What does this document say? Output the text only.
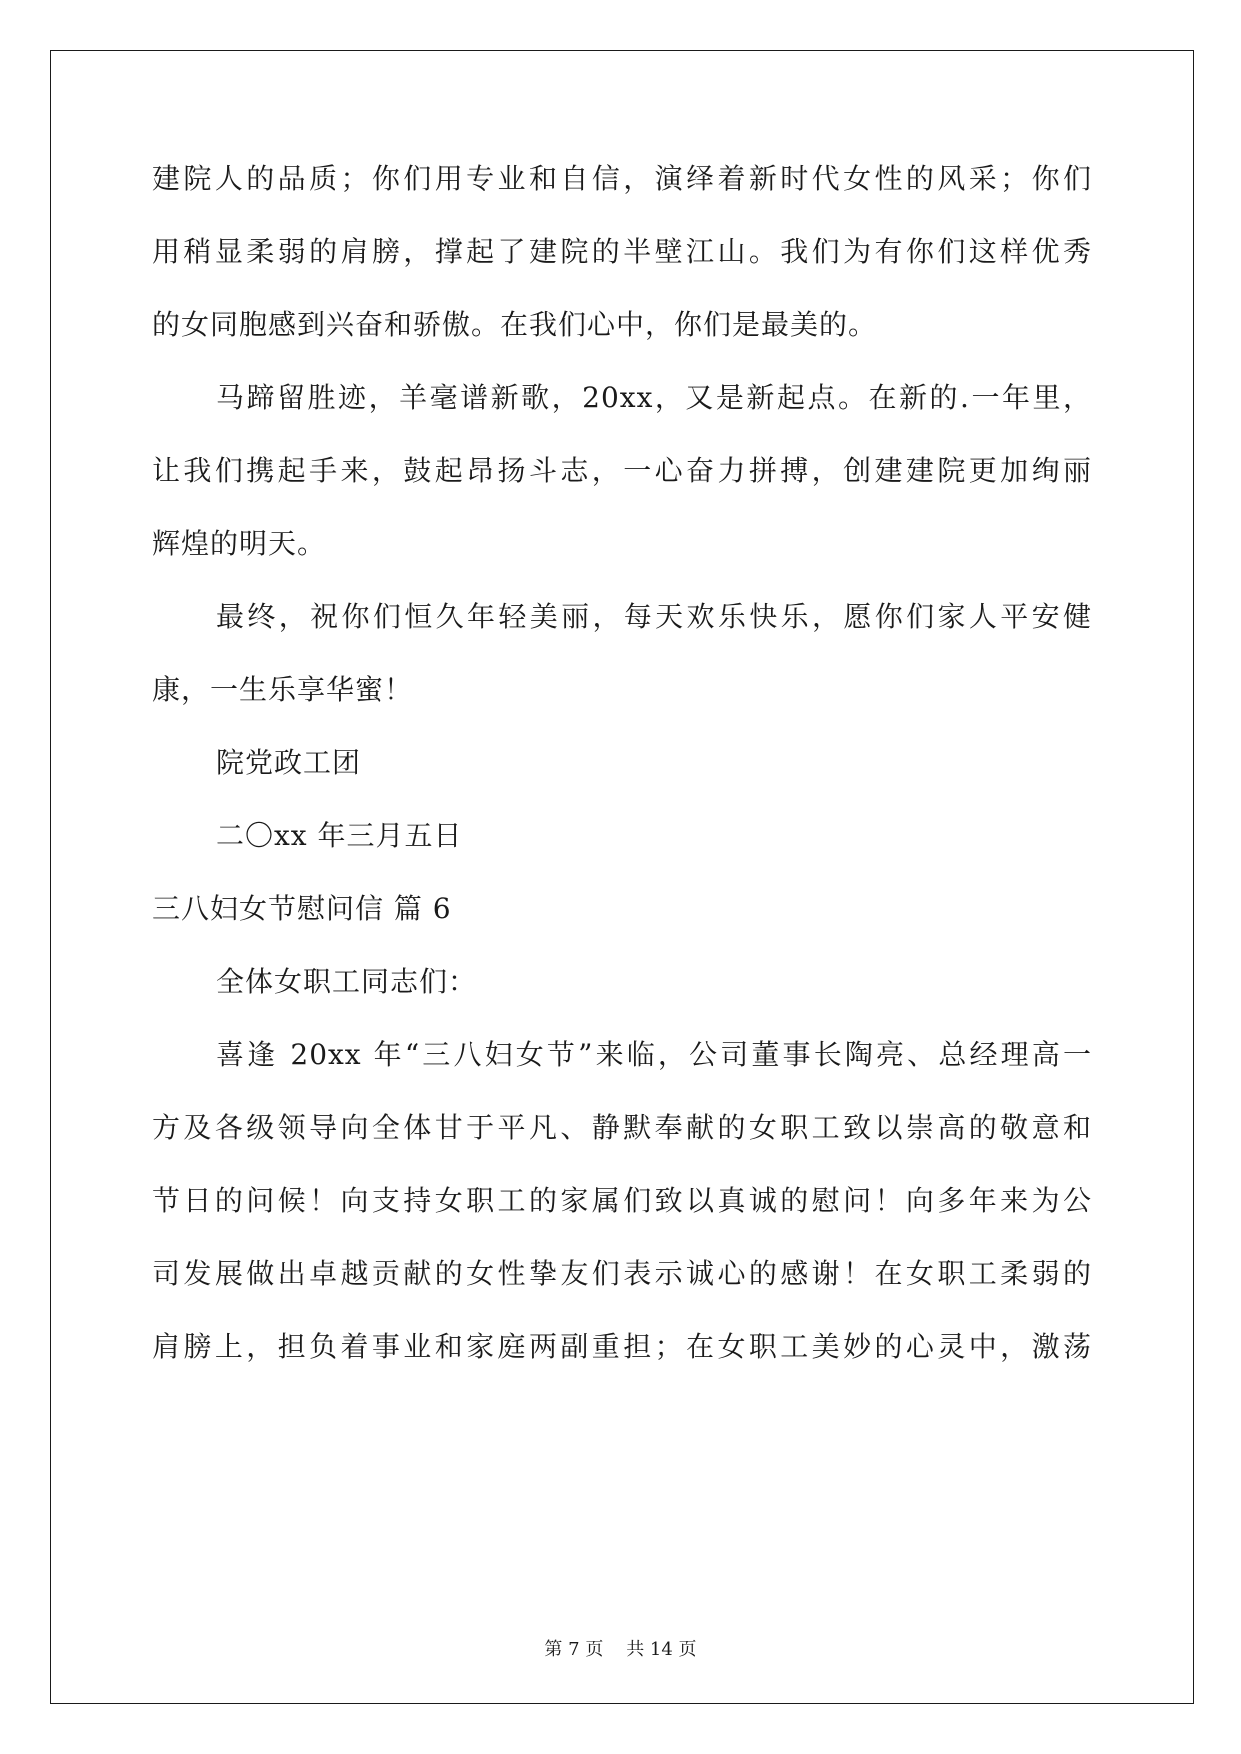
建院人的品质；你们用专业和自信，演绎着新时代女性的风采；你们
用稍显柔弱的肩膀，撑起了建院的半壁江山。我们为有你们这样优秀
的女同胞感到兴奋和骄傲。在我们心中，你们是最美的。
马蹄留胜迹，羊毫谱新歌，20xx，又是新起点。在新的.一年里，
让我们携起手来，鼓起昂扬斗志，一心奋力拼搏，创建建院更加绚丽
辉煌的明天。
最终，祝你们恒久年轻美丽，每天欢乐快乐，愿你们家人平安健
康，一生乐享华蜜！
院党政工团
二〇xx 年三月五日
三八妇女节慰问信 篇 6
全体女职工同志们：
喜逢 20xx 年“三八妇女节”来临，公司董事长陶亮、总经理高一
方及各级领导向全体甘于平凡、静默奉献的女职工致以崇高的敬意和
节日的问候！向支持女职工的家属们致以真诚的慰问！向多年来为公
司发展做出卓越贡献的女性挚友们表示诚心的感谢！在女职工柔弱的
肩膀上，担负着事业和家庭两副重担；在女职工美妙的心灵中，激荡
第 7 页    共 14 页
